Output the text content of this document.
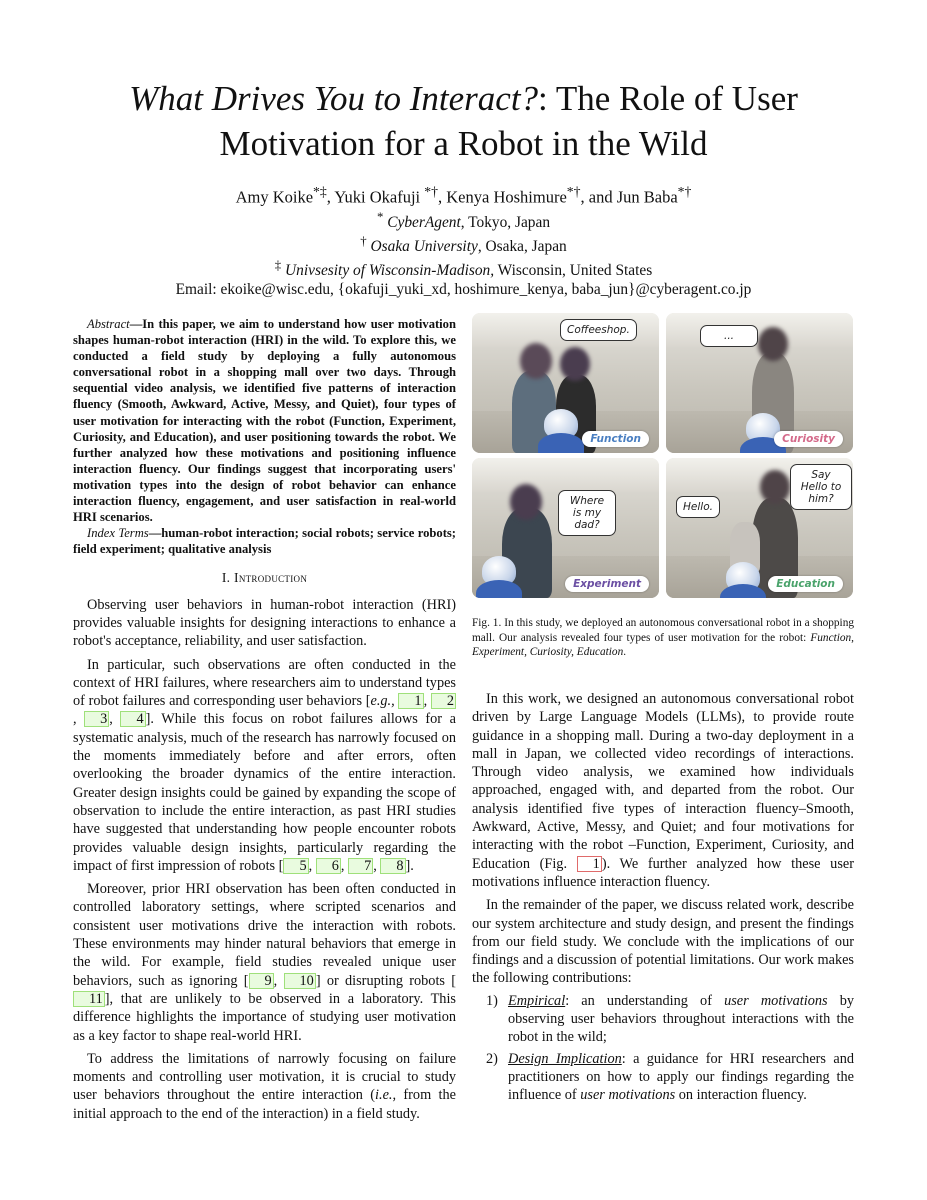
What Drives You to Interact?: The Role of User
Motivation for a Robot in the Wild
Amy Koike*‡, Yuki Okafuji *†, Kenya Hoshimure*†, and Jun Baba*†
* CyberAgent, Tokyo, Japan
† Osaka University, Osaka, Japan
‡ Univsesity of Wisconsin-Madison, Wisconsin, United States
Email: ekoike@wisc.edu, {okafuji_yuki_xd, hoshimure_kenya, baba_jun}@cyberagent.co.jp

Abstract—In this paper, we aim to understand how user motivation shapes human-robot interaction (HRI) in the wild. To explore this, we conducted a field study by deploying a fully autonomous conversational robot in a shopping mall over two days. Through sequential video analysis, we identified five patterns of interaction fluency (Smooth, Awkward, Active, Messy, and Quiet), four types of user motivation for interacting with the robot (Function, Experiment, Curiosity, and Education), and user positioning towards the robot. We further analyzed how these motivations and positioning influence interaction fluency. Our findings suggest that incorporating users' motivation types into the design of robot behavior can enhance interaction fluency, engagement, and user satisfaction in real-world HRI scenarios.

Index Terms—human-robot interaction; social robots; service robots; field experiment; qualitative analysis

I. Introduction

Observing user behaviors in human-robot interaction (HRI) provides valuable insights for designing interactions to enhance a robot's acceptance, reliability, and user satisfaction.

In particular, such observations are often conducted in the context of HRI failures, where researchers aim to understand types of robot failures and corresponding user behaviors [e.g., 1 , 2, 3 , 4 ]. While this focus on robot failures allows for a systematic analysis, much of the research has narrowly focused on the moments immediately before and after errors, often overlooking the broader dynamics of the entire interaction. Greater design insights could be gained by expanding the scope of observation to include the entire interaction, as past HRI studies have suggested that understanding how people encounter robots provides valuable design insights, particularly regarding the impact of first impression of robots [ 5 , 6 , 7 , 8 ].

Moreover, prior HRI observation has been often conducted in controlled laboratory settings, where scripted scenarios and consistent user motivations drive the interaction with robots. These environments may hinder natural behaviors that emerge in the wild. For example, field studies revealed unique user behaviors, such as ignoring [ 9 , 10 ] or disrupting robots [11 ], that are unlikely to be observed in a laboratory. This difference highlights the importance of studying user motivation as a key factor to shape real-world HRI.

To address the limitations of narrowly focusing on failure moments and controlling user motivation, it is crucial to study user behaviors throughout the entire interaction (i.e., from the initial approach to the end of the interaction) in a field study.

Coffeeshop.
Function
...
Curiosity
Where is my dad?
Experiment
Hello.
Say Hello to him?
Education
Fig. 1. In this study, we deployed an autonomous conversational robot in a shopping mall. Our analysis revealed four types of user motivation for the robot: Function, Experiment, Curiosity, Education.

In this work, we designed an autonomous conversational robot driven by Large Language Models (LLMs), to provide route guidance in a shopping mall. During a two-day deployment in a mall in Japan, we collected video recordings of interactions. Through video analysis, we examined how individuals approached, engaged with, and departed from the robot. Our analysis identified five types of interaction fluency–Smooth, Awkward, Active, Messy, and Quiet; and four motivations for interacting with the robot –Function, Experiment, Curiosity, and Education (Fig. 1 ). We further analyzed how these user motivations influence interaction fluency.

In the remainder of the paper, we discuss related work, describe our system architecture and study design, and present the findings from our field study. We conclude with the implications of our findings and a discussion of potential limitations. Our work makes the following contributions:

1) Empirical: an understanding of user motivations by observing user behaviors throughout interactions with the robot in the wild;
2) Design Implication: a guidance for HRI researchers and practitioners on how to apply our findings regarding the influence of user motivations on interaction fluency.
